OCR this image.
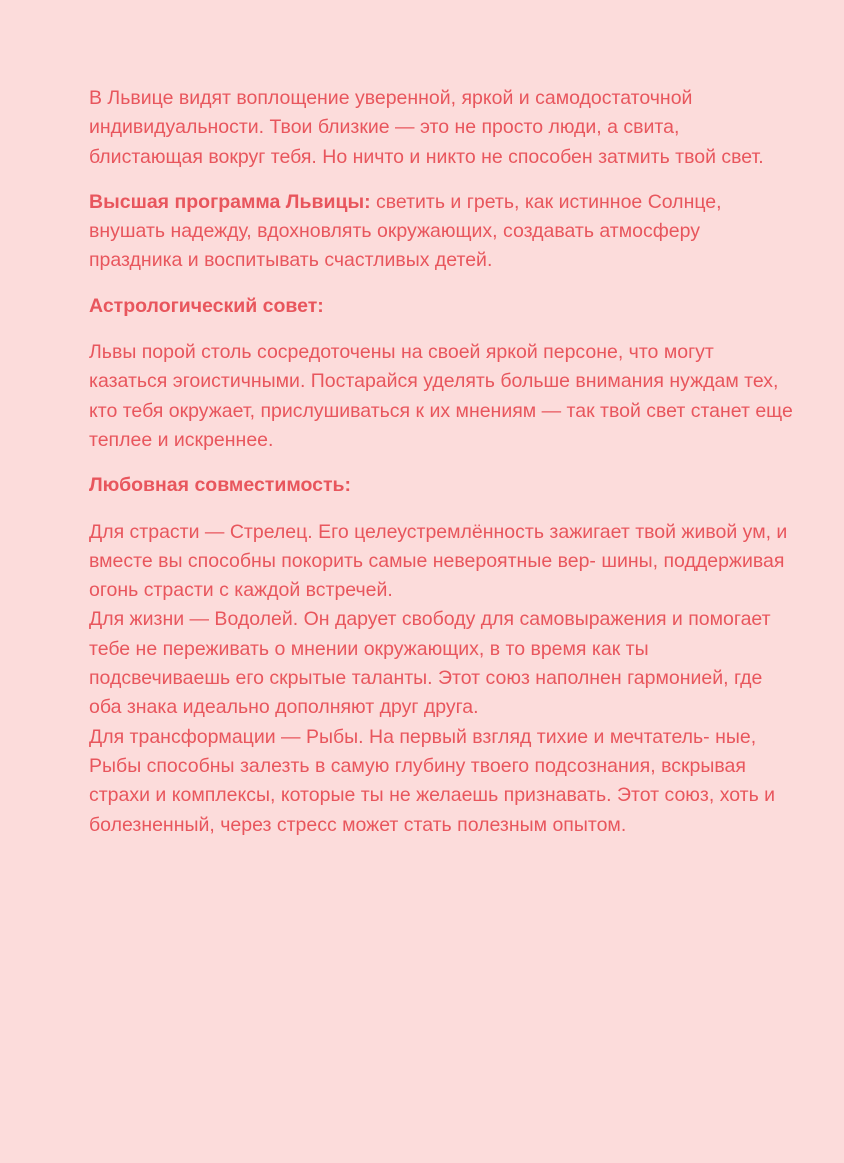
В Львице видят воплощение уверенной, яркой и самодостаточной индивидуальности. Твои близкие — это не просто люди, а свита, блистающая вокруг тебя. Но ничто и никто не способен затмить твой свет.

Высшая программа Львицы: светить и греть, как истинное Солнце, внушать надежду, вдохновлять окружающих, создавать атмосферу праздника и воспитывать счастливых детей.

Астрологический совет:

Львы порой столь сосредоточены на своей яркой персоне, что могут казаться эгоистичными. Постарайся уделять больше внимания нуждам тех, кто тебя окружает, прислушиваться к их мнениям — так твой свет станет еще теплее и искреннее.

Любовная совместимость:

Для страсти — Стрелец. Его целеустремлённость зажигает твой живой ум, и вместе вы способны покорить самые невероятные вер- шины, поддерживая огонь страсти с каждой встречей.

Для жизни — Водолей. Он дарует свободу для самовыражения и помогает тебе не переживать о мнении окружающих, в то время как ты подсвечиваешь его скрытые таланты. Этот союз наполнен гармонией, где оба знака идеально дополняют друг друга.

Для трансформации — Рыбы. На первый взгляд тихие и мечтатель- ные, Рыбы способны залезть в самую глубину твоего подсознания, вскрывая страхи и комплексы, которые ты не желаешь признавать. Этот союз, хоть и болезненный, через стресс может стать полезным опытом.
